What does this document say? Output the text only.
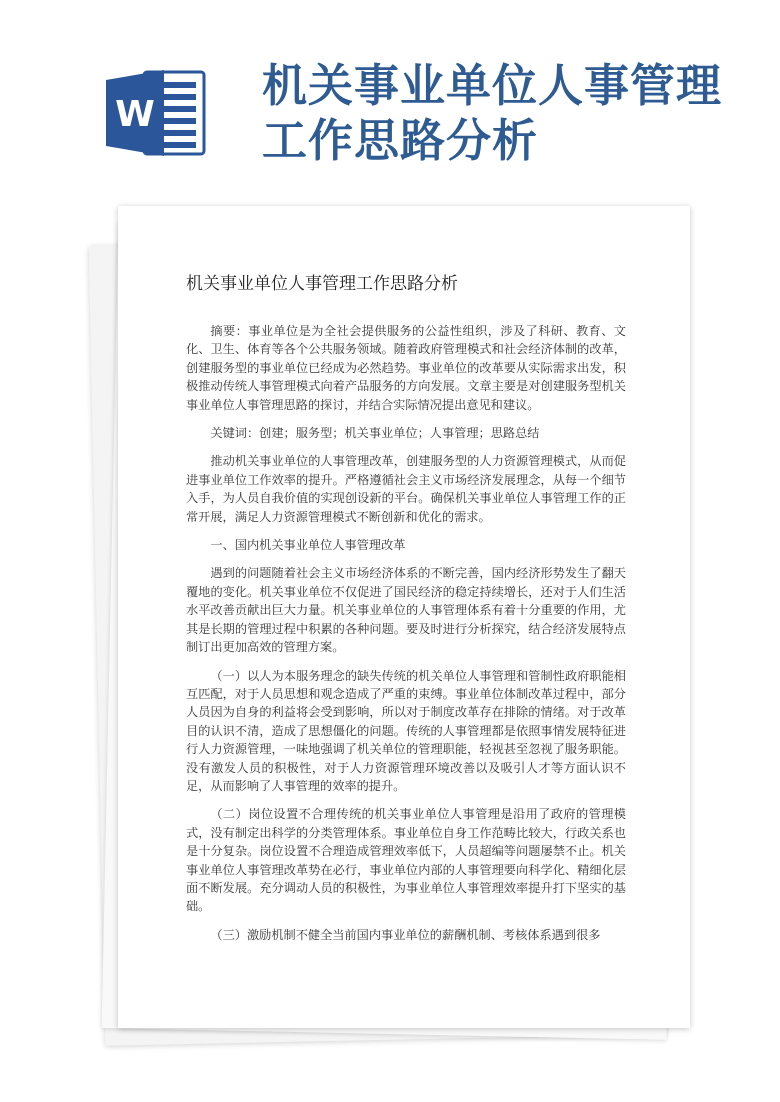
W
机关事业单位人事管理
工作思路分析
机关事业单位人事管理工作思路分析

摘要：事业单位是为全社会提供服务的公益性组织，涉及了科研、教育、文化、卫生、体育等各个公共服务领域。随着政府管理模式和社会经济体制的改革，创建服务型的事业单位已经成为必然趋势。事业单位的改革要从实际需求出发，积极推动传统人事管理模式向着产品服务的方向发展。文章主要是对创建服务型机关事业单位人事管理思路的探讨，并结合实际情况提出意见和建议。

关键词：创建；服务型；机关事业单位；人事管理；思路总结

推动机关事业单位的人事管理改革，创建服务型的人力资源管理模式，从而促进事业单位工作效率的提升。严格遵循社会主义市场经济发展理念，从每一个细节入手，为人员自我价值的实现创设新的平台。确保机关事业单位人事管理工作的正常开展，满足人力资源管理模式不断创新和优化的需求。

一、国内机关事业单位人事管理改革

遇到的问题随着社会主义市场经济体系的不断完善，国内经济形势发生了翻天覆地的变化。机关事业单位不仅促进了国民经济的稳定持续增长，还对于人们生活水平改善贡献出巨大力量。机关事业单位的人事管理体系有着十分重要的作用，尤其是长期的管理过程中积累的各种问题。要及时进行分析探究，结合经济发展特点制订出更加高效的管理方案。

（一）以人为本服务理念的缺失传统的机关单位人事管理和管制性政府职能相互匹配，对于人员思想和观念造成了严重的束缚。事业单位体制改革过程中，部分人员因为自身的利益将会受到影响，所以对于制度改革存在排除的情绪。对于改革目的认识不清，造成了思想僵化的问题。传统的人事管理都是依照事情发展特征进行人力资源管理，一味地强调了机关单位的管理职能，轻视甚至忽视了服务职能。没有激发人员的积极性，对于人力资源管理环境改善以及吸引人才等方面认识不足，从而影响了人事管理的效率的提升。

（二）岗位设置不合理传统的机关事业单位人事管理是沿用了政府的管理模式，没有制定出科学的分类管理体系。事业单位自身工作范畴比较大，行政关系也是十分复杂。岗位设置不合理造成管理效率低下，人员超编等问题屡禁不止。机关事业单位人事管理改革势在必行，事业单位内部的人事管理要向科学化、精细化层面不断发展。充分调动人员的积极性，为事业单位人事管理效率提升打下坚实的基础。

（三）激励机制不健全当前国内事业单位的薪酬机制、考核体系遇到很多
